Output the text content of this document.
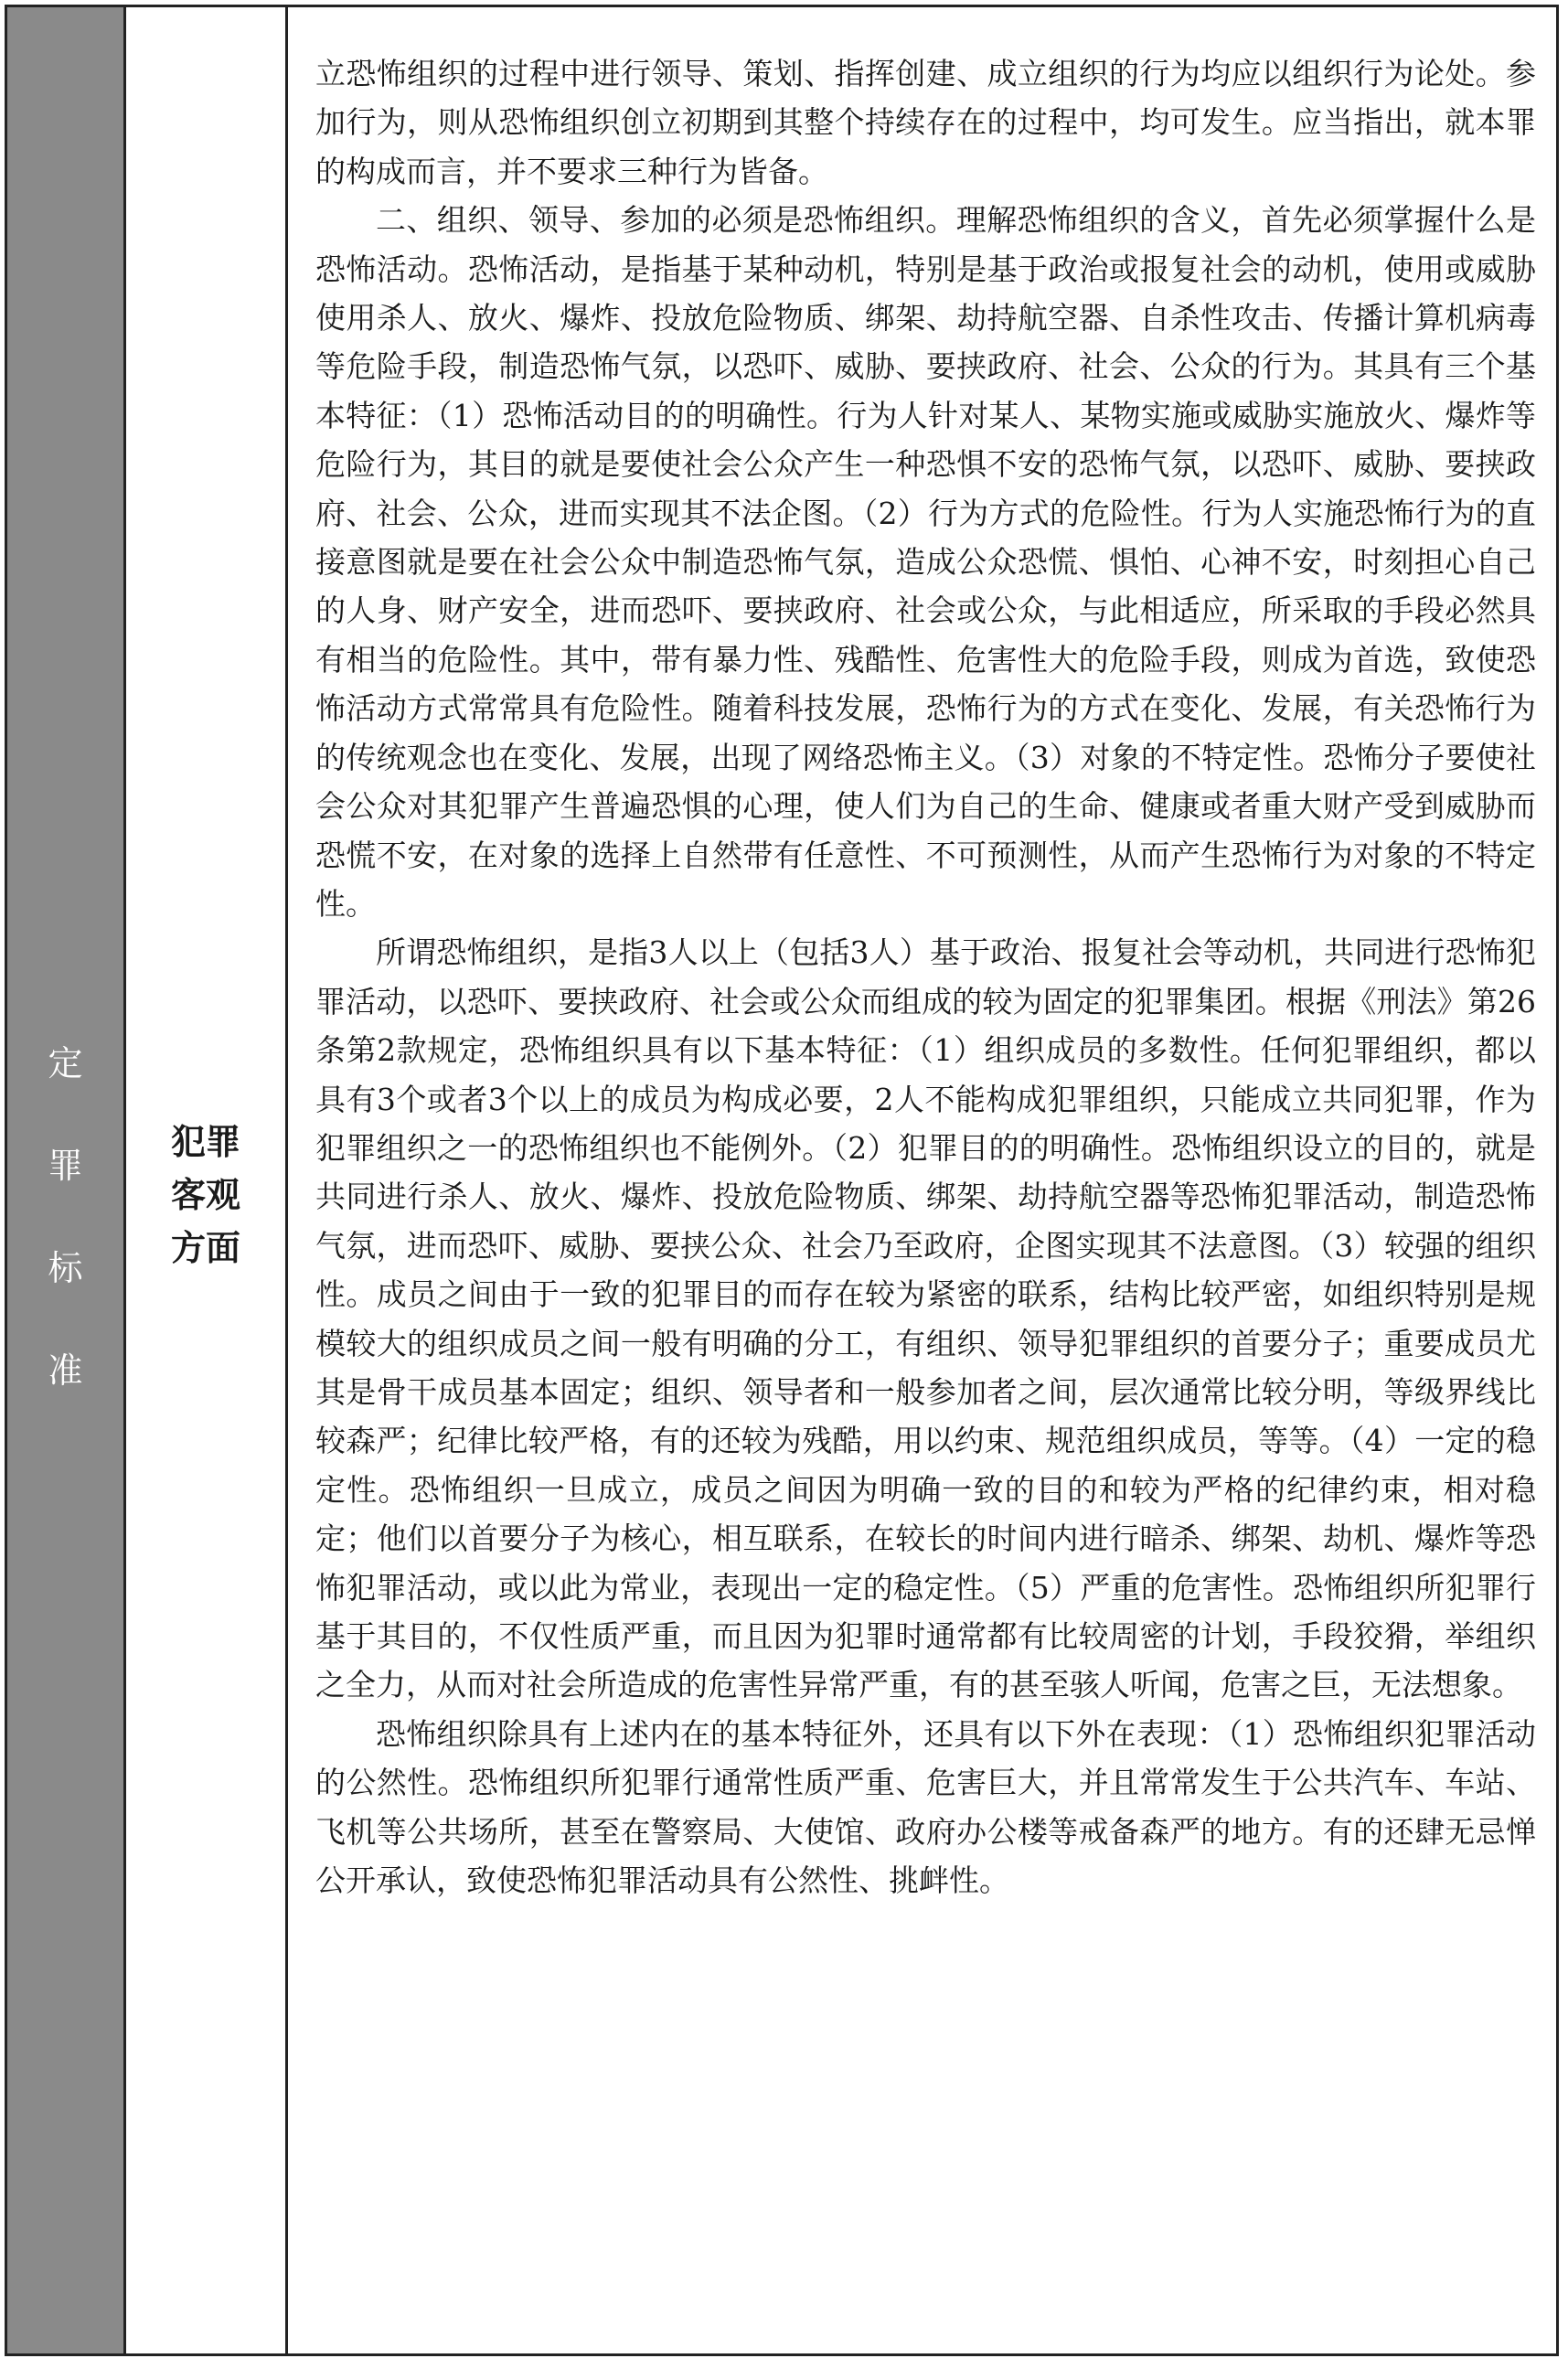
定
罪
标
准
犯罪客观方面

立恐怖组织的过程中进行领导、策划、指挥创建、成立组织的行为均应以组织行为论处。参加行为，则从恐怖组织创立初期到其整个持续存在的过程中，均可发生。应当指出，就本罪的构成而言，并不要求三种行为皆备。

二、组织、领导、参加的必须是恐怖组织。理解恐怖组织的含义，首先必须掌握什么是恐怖活动。恐怖活动，是指基于某种动机，特别是基于政治或报复社会的动机，使用或威胁使用杀人、放火、爆炸、投放危险物质、绑架、劫持航空器、自杀性攻击、传播计算机病毒等危险手段，制造恐怖气氛，以恐吓、威胁、要挟政府、社会、公众的行为。其具有三个基本特征：（1）恐怖活动目的的明确性。行为人针对某人、某物实施或威胁实施放火、爆炸等危险行为，其目的就是要使社会公众产生一种恐惧不安的恐怖气氛，以恐吓、威胁、要挟政府、社会、公众，进而实现其不法企图。（2）行为方式的危险性。行为人实施恐怖行为的直接意图就是要在社会公众中制造恐怖气氛，造成公众恐慌、惧怕、心神不安，时刻担心自己的人身、财产安全，进而恐吓、要挟政府、社会或公众，与此相适应，所采取的手段必然具有相当的危险性。其中，带有暴力性、残酷性、危害性大的危险手段，则成为首选，致使恐怖活动方式常常具有危险性。随着科技发展，恐怖行为的方式在变化、发展，有关恐怖行为的传统观念也在变化、发展，出现了网络恐怖主义。（3）对象的不特定性。恐怖分子要使社会公众对其犯罪产生普遍恐惧的心理，使人们为自己的生命、健康或者重大财产受到威胁而恐慌不安，在对象的选择上自然带有任意性、不可预测性，从而产生恐怖行为对象的不特定性。

所谓恐怖组织，是指3人以上（包括3人）基于政治、报复社会等动机，共同进行恐怖犯罪活动，以恐吓、要挟政府、社会或公众而组成的较为固定的犯罪集团。根据《刑法》第26条第2款规定，恐怖组织具有以下基本特征：（1）组织成员的多数性。任何犯罪组织，都以具有3个或者3个以上的成员为构成必要，2人不能构成犯罪组织，只能成立共同犯罪，作为犯罪组织之一的恐怖组织也不能例外。（2）犯罪目的的明确性。恐怖组织设立的目的，就是共同进行杀人、放火、爆炸、投放危险物质、绑架、劫持航空器等恐怖犯罪活动，制造恐怖气氛，进而恐吓、威胁、要挟公众、社会乃至政府，企图实现其不法意图。（3）较强的组织性。成员之间由于一致的犯罪目的而存在较为紧密的联系，结构比较严密，如组织特别是规模较大的组织成员之间一般有明确的分工，有组织、领导犯罪组织的首要分子；重要成员尤其是骨干成员基本固定；组织、领导者和一般参加者之间，层次通常比较分明，等级界线比较森严；纪律比较严格，有的还较为残酷，用以约束、规范组织成员，等等。（4）一定的稳定性。恐怖组织一旦成立，成员之间因为明确一致的目的和较为严格的纪律约束，相对稳定；他们以首要分子为核心，相互联系，在较长的时间内进行暗杀、绑架、劫机、爆炸等恐怖犯罪活动，或以此为常业，表现出一定的稳定性。（5）严重的危害性。恐怖组织所犯罪行基于其目的，不仅性质严重，而且因为犯罪时通常都有比较周密的计划，手段狡猾，举组织之全力，从而对社会所造成的危害性异常严重，有的甚至骇人听闻，危害之巨，无法想象。

恐怖组织除具有上述内在的基本特征外，还具有以下外在表现：（1）恐怖组织犯罪活动的公然性。恐怖组织所犯罪行通常性质严重、危害巨大，并且常常发生于公共汽车、车站、飞机等公共场所，甚至在警察局、大使馆、政府办公楼等戒备森严的地方。有的还肆无忌惮公开承认，致使恐怖犯罪活动具有公然性、挑衅性。
